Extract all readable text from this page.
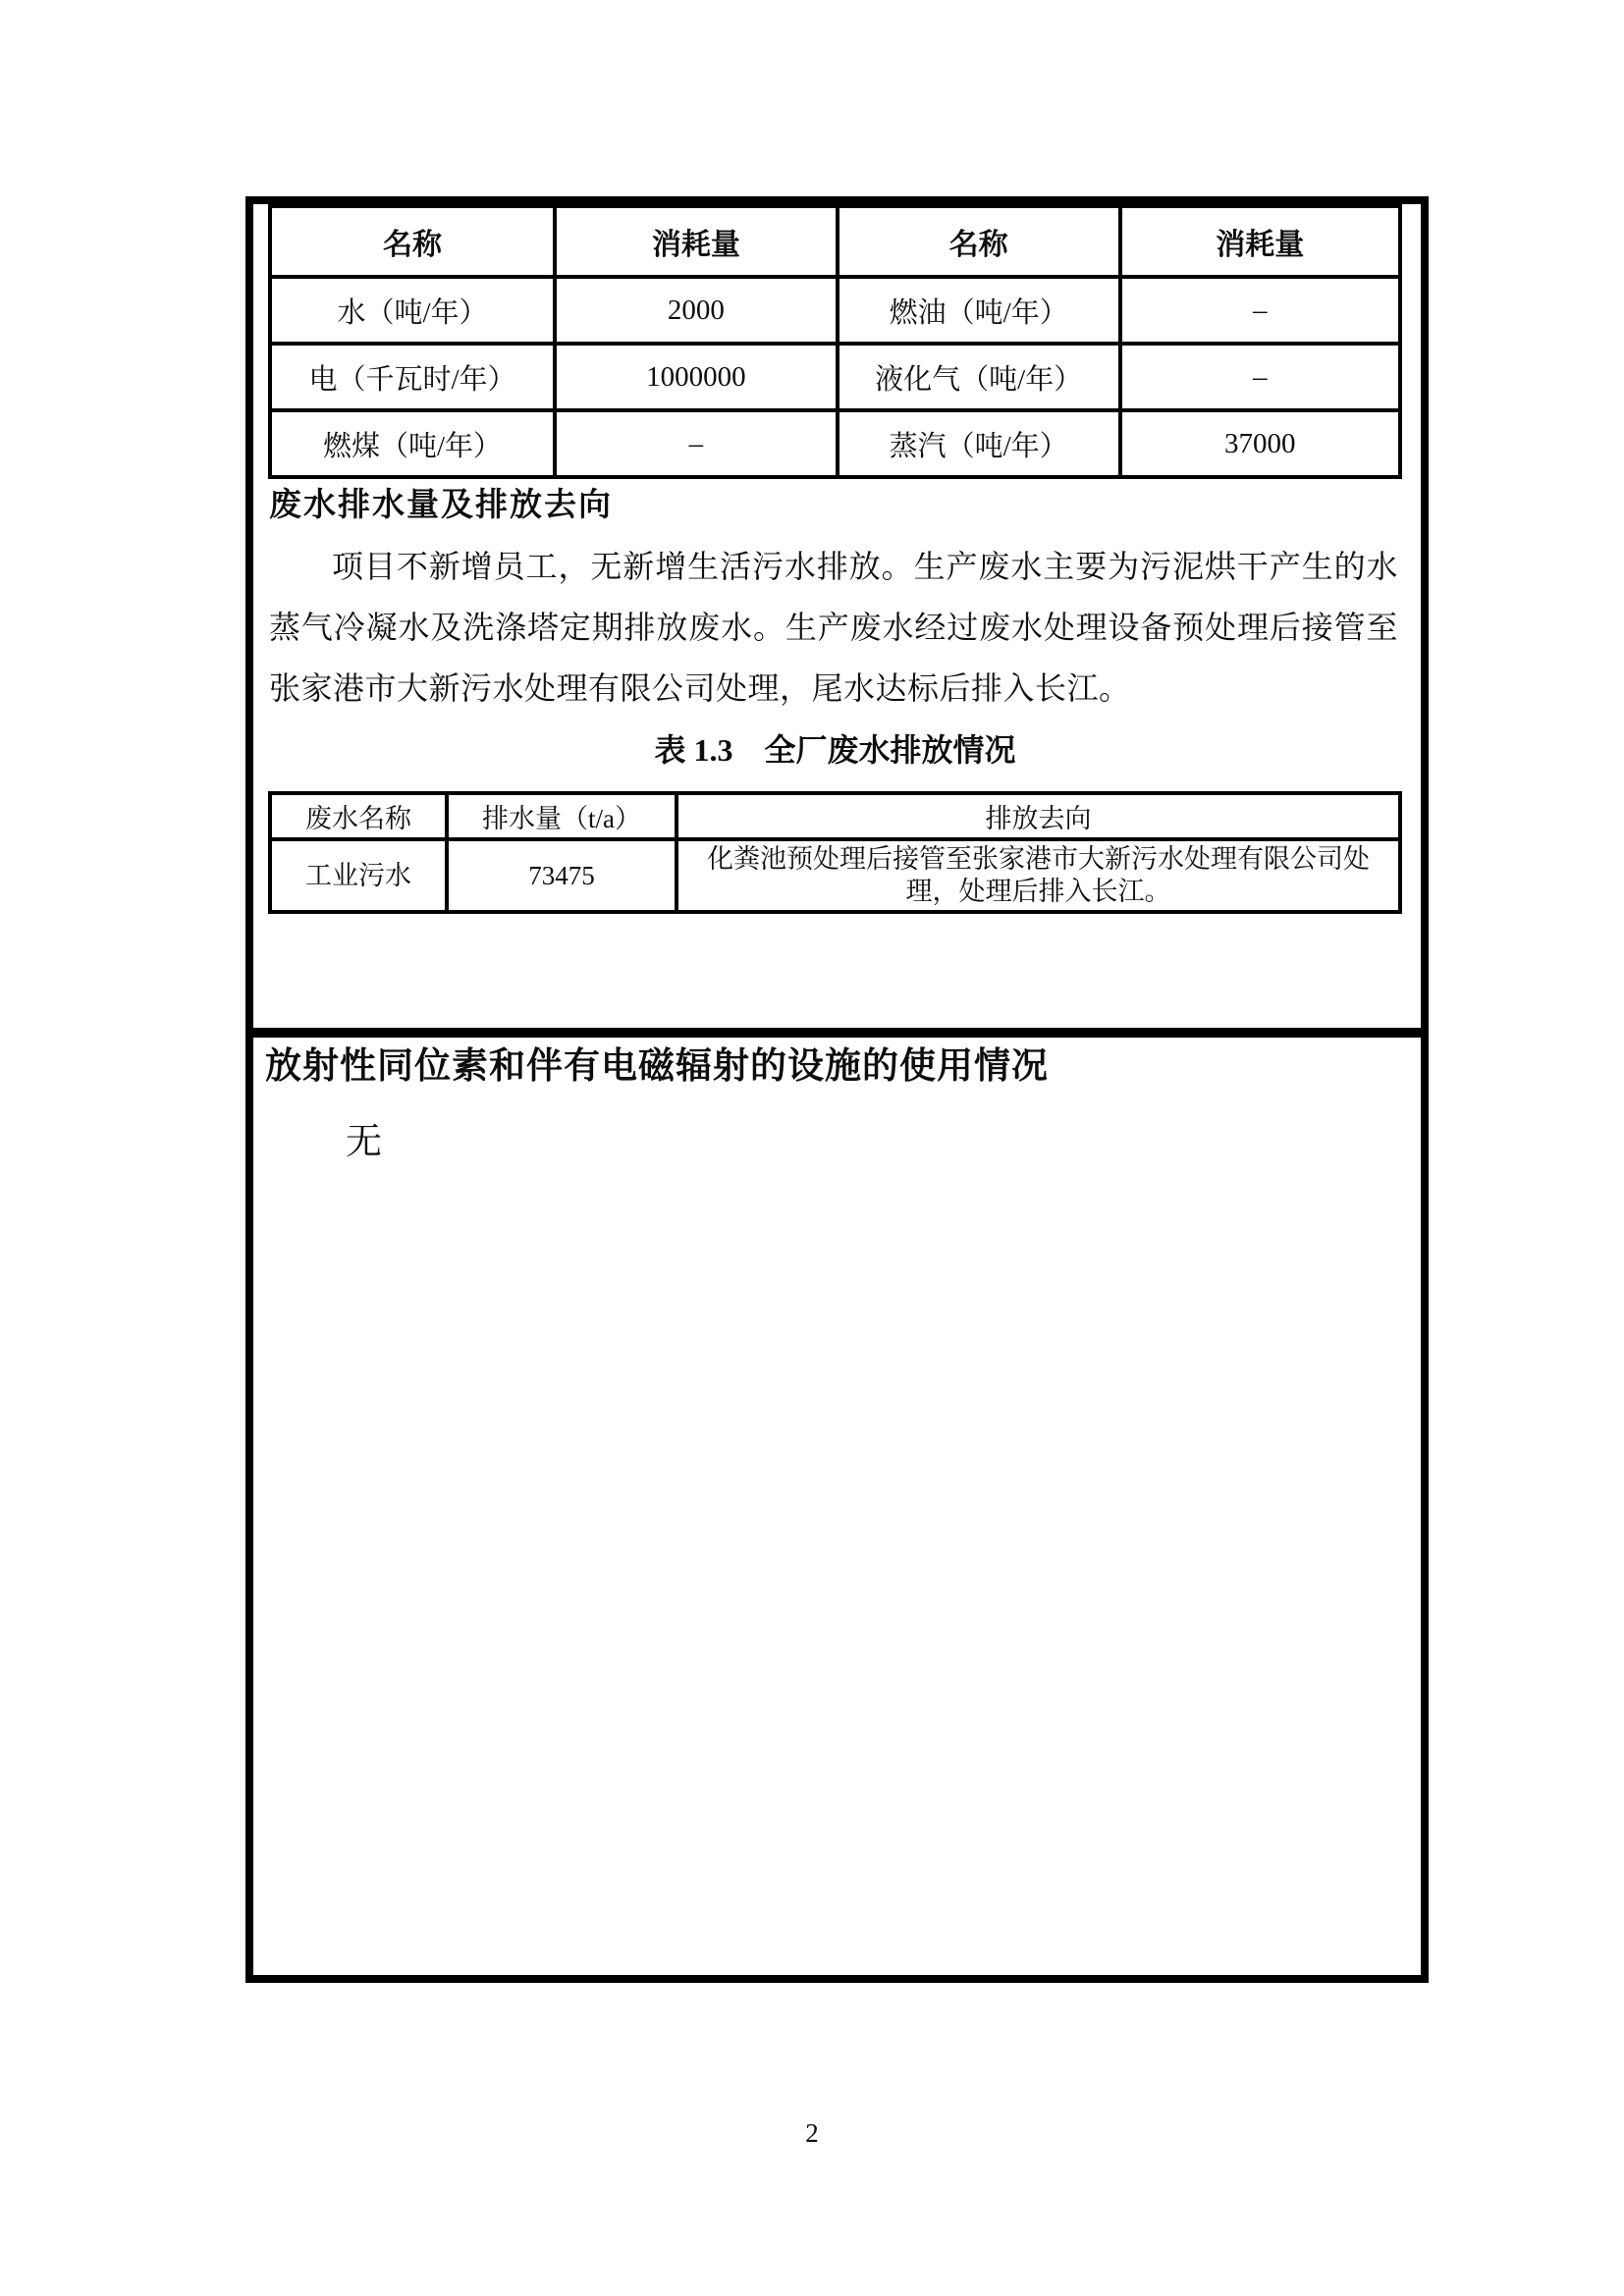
名称	消耗量	名称	消耗量
水（吨/年）	2000	燃油（吨/年）	–
电（千瓦时/年）	1000000	液化气（吨/年）	–
燃煤（吨/年）	–	蒸汽（吨/年）	37000
废水排水量及排放去向

项目不新增员工，无新增生活污水排放。生产废水主要为污泥烘干产生的水蒸气冷凝水及洗涤塔定期排放废水。生产废水经过废水处理设备预处理后接管至张家港市大新污水处理有限公司处理，尾水达标后排入长江。

表 1.3　全厂废水排放情况
废水名称	排水量（t/a）	排放去向
工业污水	73475	化粪池预处理后接管至张家港市大新污水处理有限公司处理，处理后排入长江。
放射性同位素和伴有电磁辐射的设施的使用情况
无
2
